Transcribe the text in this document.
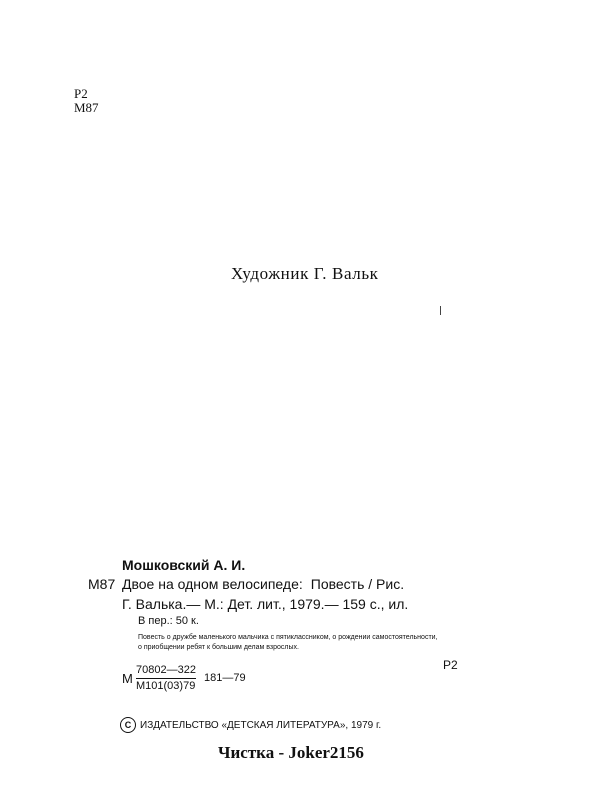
Р2
М87
Художник Г. Вальк
Мошковский А. И.
М87 Двое на одном велосипеде: Повесть / Рис.
Г. Валька.— М.: Дет. лит., 1979.— 159 с., ил.
В пер.: 50 к.
Повесть о дружбе маленького мальчика с пятиклассником, о рождении самостоятельности, о приобщении ребят к большим делам взрослых.
М
70802—322
М101(03)79
181—79
Р2
C ИЗДАТЕЛЬСТВО «ДЕТСКАЯ ЛИТЕРАТУРА», 1979 г.
Чистка - Joker2156
